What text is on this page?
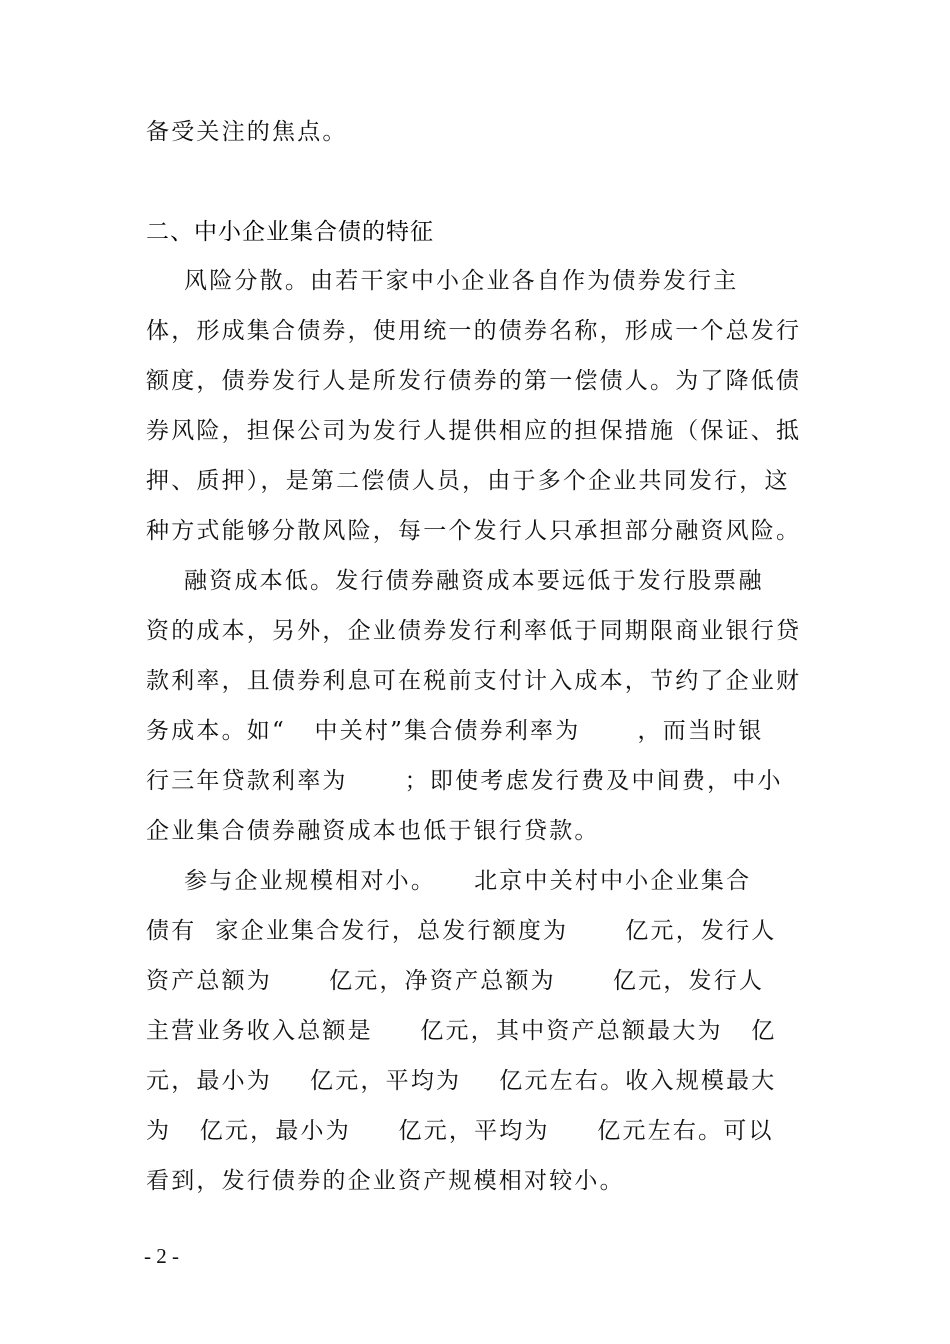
备受关注的焦点。
二、中小企业集合债的特征
风险分散。由若干家中小企业各自作为债券发行主
体，形成集合债券，使用统一的债券名称，形成一个总发行
额度，债券发行人是所发行债券的第一偿债人。为了降低债
券风险，担保公司为发行人提供相应的担保措施（保证、抵
押、质押），是第二偿债人员，由于多个企业共同发行，这
种方式能够分散风险，每一个发行人只承担部分融资风险。
融资成本低。发行债券融资成本要远低于发行股票融
资的成本，另外，企业债券发行利率低于同期限商业银行贷
款利率，且债券利息可在税前支付计入成本，节约了企业财
务成本。如“   中关村”集合债券利率为      ，而当时银
行三年贷款利率为      ；即使考虑发行费及中间费，中小
企业集合债券融资成本也低于银行贷款。
参与企业规模相对小。    北京中关村中小企业集合
债有  家企业集合发行，总发行额度为      亿元，发行人
资产总额为      亿元，净资产总额为      亿元，发行人
主营业务收入总额是     亿元，其中资产总额最大为   亿
元，最小为    亿元，平均为    亿元左右。收入规模最大
为   亿元，最小为     亿元，平均为     亿元左右。可以
看到，发行债券的企业资产规模相对较小。
- 2 -
